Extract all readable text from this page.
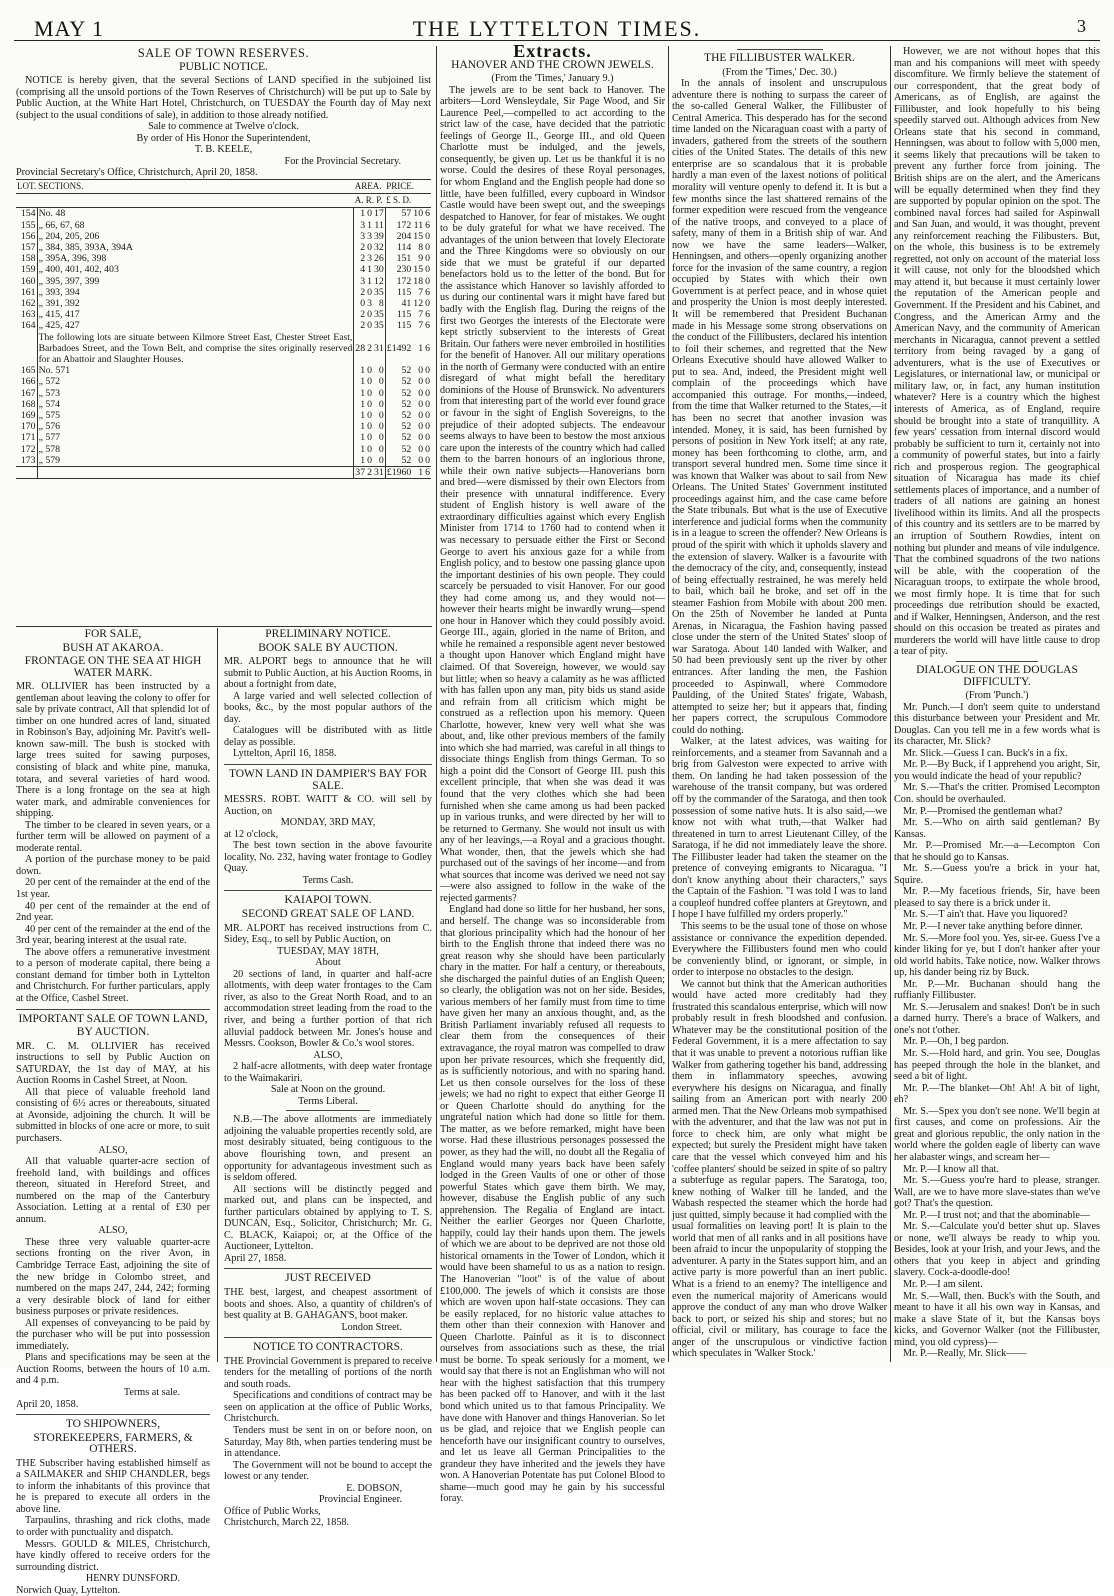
MAY 1	THE LYTTELTON TIMES.	3
SALE OF TOWN RESERVES.
PUBLIC NOTICE.

NOTICE is hereby given, that the several Sections of LAND specified in the subjoined list (comprising all the unsold portions of the Town Reserves of Christchurch) will be put up to Sale by Public Auction, at the White Hart Hotel, Christchurch, on TUESDAY the Fourth day of May next (subject to the usual conditions of sale), in addition to those already notified.

Sale to commence at Twelve o'clock.
By order of His Honor the Superintendent,
T. B. KEELE,
For the Provincial Secretary.
Provincial Secretary's Office, Christchurch, April 20, 1858.
LOT.	SECTIONS.	AREA.			PRICE.		
		A. R. P.			£ S. D.		
154	No. 48	1	0	17	57	10	6
155	„ 66, 67, 68	3	1	11	172	11	6
156	„ 204, 205, 206	3	3	39	204	15	0
157	„ 384, 385, 393A, 394A	2	0	32	114	8	0
158	„ 395A, 396, 398	2	3	26	151	9	0
159	„ 400, 401, 402, 403	4	1	30	230	15	0
160	„ 395, 397, 399	3	1	12	172	18	0
161	„ 393, 394	2	0	35	115	7	6
162	„ 391, 392	0	3	8	41	12	0
163	„ 415, 417	2	0	35	115	7	6
164	„ 425, 427	2	0	35	115	7	6
	The following lots are situate between Kilmore Street East, Chester Street East, Barbadoes Street, and the Town Belt, and comprise the sites originally reserved for an Abattoir and Slaughter Houses.	28	2	31	£1492	1	6
165	No. 571	1	0	0	52	0	0
166	„ 572	1	0	0	52	0	0
167	„ 573	1	0	0	52	0	0
168	„ 574	1	0	0	52	0	0
169	„ 575	1	0	0	52	0	0
170	„ 576	1	0	0	52	0	0
171	„ 577	1	0	0	52	0	0
172	„ 578	1	0	0	52	0	0
173	„ 579	1	0	0	52	0	0
		37	2	31	£1960	1	6
FOR SALE,
BUSH AT AKAROA.
FRONTAGE ON THE SEA AT HIGH WATER MARK.

MR. OLLIVIER has been instructed by a gentleman about leaving the colony to offer for sale by private contract, All that splendid lot of timber on one hundred acres of land, situated in Robinson's Bay, adjoining Mr. Pavitt's well-known saw-mill. The bush is stocked with large trees suited for sawing purposes, consisting of black and white pine, manuka, totara, and several varieties of hard wood. There is a long frontage on the sea at high water mark, and admirable conveniences for shipping.

The timber to be cleared in seven years, or a further term will be allowed on payment of a moderate rental.

A portion of the purchase money to be paid down.

20 per cent of the remainder at the end of the 1st year.

40 per cent of the remainder at the end of 2nd year.

40 per cent of the remainder at the end of the 3rd year, bearing interest at the usual rate.

The above offers a remunerative investment to a person of moderate capital, there being a constant demand for timber both in Lyttelton and Christchurch. For further particulars, apply at the Office, Cashel Street.

IMPORTANT SALE OF TOWN LAND,
BY AUCTION.

MR. C. M. OLLIVIER has received instructions to sell by Public Auction on SATURDAY, the 1st day of MAY, at his Auction Rooms in Cashel Street, at Noon.

All that piece of valuable freehold land consisting of 6½ acres or thereabouts, situated at Avonside, adjoining the church. It will be submitted in blocks of one acre or more, to suit purchasers.

ALSO,

All that valuable quarter-acre section of freehold land, with buildings and offices thereon, situated in Hereford Street, and numbered on the map of the Canterbury Association. Letting at a rental of £30 per annum.

ALSO,

These three very valuable quarter-acre sections fronting on the river Avon, in Cambridge Terrace East, adjoining the site of the new bridge in Colombo street, and numbered on the maps 247, 244, 242; forming a very desirable block of land for either business purposes or private residences.

All expenses of conveyancing to be paid by the purchaser who will be put into possession immediately.

Plans and specifications may be seen at the Auction Rooms, between the hours of 10 a.m. and 4 p.m.

Terms at sale.
April 20, 1858.
TO SHIPOWNERS,
STOREKEEPERS, FARMERS, & OTHERS.

THE Subscriber having established himself as a SAILMAKER and SHIP CHANDLER, begs to inform the inhabitants of this province that he is prepared to execute all orders in the above line.

Tarpaulins, thrashing and rick cloths, made to order with punctuality and dispatch.

Messrs. GOULD & MILES, Christchurch, have kindly offered to receive orders for the surrounding district.

HENRY DUNSFORD.
Norwich Quay, Lyttelton.
PRELIMINARY NOTICE.
BOOK SALE BY AUCTION.

MR. ALPORT begs to announce that he will submit to Public Auction, at his Auction Rooms, in about a fortnight from date,

A large varied and well selected collection of books, &c., by the most popular authors of the day.

Catalogues will be distributed with as little delay as possible.

Lyttelton, April 16, 1858.

TOWN LAND IN DAMPIER'S BAY FOR SALE.

MESSRS. ROBT. WAITT & CO. will sell by Auction, on

MONDAY, 3RD MAY,
at 12 o'clock,

The best town section in the above favourite locality, No. 232, having water frontage to Godley Quay.

Terms Cash.
KAIAPOI TOWN.
SECOND GREAT SALE OF LAND.

MR. ALPORT has received instructions from C. Sidey, Esq., to sell by Public Auction, on

TUESDAY, MAY 18TH,
About

20 sections of land, in quarter and half-acre allotments, with deep water frontages to the Cam river, as also to the Great North Road, and to an accommodation street leading from the road to the river, and being a further portion of that rich alluvial paddock between Mr. Jones's house and Messrs. Cookson, Bowler & Co.'s wool stores.

ALSO,

2 half-acre allotments, with deep water frontage to the Waimakariri.

Sale at Noon on the ground.
Terms Liberal.

N.B.—The above allotments are immediately adjoining the valuable properties recently sold, are most desirably situated, being contiguous to the above flourishing town, and present an opportunity for advantageous investment such as is seldom offered.

All sections will be distinctly pegged and marked out, and plans can be inspected, and further particulars obtained by applying to T. S. DUNCAN, Esq., Solicitor, Christchurch; Mr. G. C. BLACK, Kaiapoi; or, at the Office of the Auctioneer, Lyttelton.

April 27, 1858.
JUST RECEIVED

THE best, largest, and cheapest assortment of boots and shoes. Also, a quantity of children's of best quality at B. GAHAGAN'S, boot maker.

London Street.
NOTICE TO CONTRACTORS.

THE Provincial Government is prepared to receive tenders for the metalling of portions of the north and south roads.

Specifications and conditions of contract may be seen on application at the office of Public Works, Christchurch.

Tenders must be sent in on or before noon, on Saturday, May 8th, when parties tendering must be in attendance.

The Government will not be bound to accept the lowest or any tender.

E. DOBSON,
Provincial Engineer.
Office of Public Works,
Christchurch, March 22, 1858.
Extracts.
HANOVER AND THE CROWN JEWELS.
(From the 'Times,' January 9.)

The jewels are to be sent back to Hanover. The arbiters—Lord Wensleydale, Sir Page Wood, and Sir Laurence Peel,—compelled to act according to the strict law of the case, have decided that the patriotic feelings of George II., George III., and old Queen Charlotte must be indulged, and the jewels, consequently, be given up. Let us be thankful it is no worse. Could the desires of these Royal personages, for whom England and the English people had done so little, have been fulfilled, every cupboard in Windsor Castle would have been swept out, and the sweepings despatched to Hanover, for fear of mistakes. We ought to be duly grateful for what we have received. The advantages of the union between that lovely Electorate and the Three Kingdoms were so obviously on our side that we must be grateful if our departed benefactors hold us to the letter of the bond. But for the assistance which Hanover so lavishly afforded to us during our continental wars it might have fared but badly with the English flag. During the reigns of the first two Georges the interests of the Electorate were kept strictly subservient to the interests of Great Britain. Our fathers were never embroiled in hostilities for the benefit of Hanover. All our military operations in the north of Germany were conducted with an entire disregard of what might befall the hereditary dominions of the House of Brunswick. No adventurers from that interesting part of the world ever found grace or favour in the sight of English Sovereigns, to the prejudice of their adopted subjects. The endeavour seems always to have been to bestow the most anxious care upon the interests of the country which had called them to the barren honours of an inglorious throne, while their own native subjects—Hanoverians born and bred—were dismissed by their own Electors from their presence with unnatural indifference. Every student of English history is well aware of the extraordinary difficulties against which every English Minister from 1714 to 1760 had to contend when it was necessary to persuade either the First or Second George to avert his anxious gaze for a while from English policy, and to bestow one passing glance upon the important destinies of his own people. They could scarcely be persuaded to visit Hanover. For our good they had come among us, and they would not—however their hearts might be inwardly wrung—spend one hour in Hanover which they could possibly avoid. George III., again, gloried in the name of Briton, and while he remained a responsible agent never bestowed a thought upon Hanover which England might have claimed. Of that Sovereign, however, we would say but little; when so heavy a calamity as he was afflicted with has fallen upon any man, pity bids us stand aside and refrain from all criticism which might be construed as a reflection upon his memory. Queen Charlotte, however, knew very well what she was about, and, like other previous members of the family into which she had married, was careful in all things to dissociate things English from things German. To so high a point did the Consort of George III. push this excellent principle, that when she was dead it was found that the very clothes which she had been furnished when she came among us had been packed up in various trunks, and were directed by her will to be returned to Germany. She would not insult us with any of her leavings,—a Royal and a gracious thought. What wonder, then, that the jewels which she had purchased out of the savings of her income—and from what sources that income was derived we need not say—were also assigned to follow in the wake of the rejected garments?

England had done so little for her husband, her sons, and herself. The change was so inconsiderable from that glorious principality which had the honour of her birth to the English throne that indeed there was no great reason why she should have been particularly chary in the matter. For half a century, or thereabouts, she discharged the painful duties of an English Queen; so clearly, the obligation was not on her side. Besides, various members of her family must from time to time have given her many an anxious thought, and, as the British Parliament invariably refused all requests to clear them from the consequences of their extravagance, the royal matron was compelled to draw upon her private resources, which she frequently did, as is sufficiently notorious, and with no sparing hand. Let us then console ourselves for the loss of these jewels; we had no right to expect that either George II or Queen Charlotte should do anything for the ungrateful nation which had done so little for them. The matter, as we before remarked, might have been worse. Had these illustrious personages possessed the power, as they had the will, no doubt all the Regalia of England would many years back have been safely lodged in the Green Vaults of one or other of those powerful States which gave them birth. We may, however, disabuse the English public of any such apprehension. The Regalia of England are intact. Neither the earlier Georges nor Queen Charlotte, happily, could lay their hands upon them. The jewels of which we are about to be deprived are not those old historical ornaments in the Tower of London, which it would have been shameful to us as a nation to resign. The Hanoverian "loot" is of the value of about £100,000. The jewels of which it consists are those which are woven upon half-state occasions. They can be easily replaced, for no historic value attaches to them other than their connexion with Hanover and Queen Charlotte. Painful as it is to disconnect ourselves from associations such as these, the trial must be borne. To speak seriously for a moment, we would say that there is not an Englishman who will not hear with the highest satisfaction that this trumpery has been packed off to Hanover, and with it the last bond which united us to that famous Principality. We have done with Hanover and things Hanoverian. So let us be glad, and rejoice that we English people can henceforth have our insignificant country to ourselves, and let us leave all German Principalities to the grandeur they have inherited and the jewels they have won. A Hanoverian Potentate has put Colonel Blood to shame—much good may he gain by his successful foray.

THE FILLIBUSTER WALKER.
(From the 'Times,' Dec. 30.)

In the annals of insolent and unscrupulous adventure there is nothing to surpass the career of the so-called General Walker, the Fillibuster of Central America. This desperado has for the second time landed on the Nicaraguan coast with a party of invaders, gathered from the streets of the southern cities of the United States. The details of this new enterprise are so scandalous that it is probable hardly a man even of the laxest notions of political morality will venture openly to defend it. It is but a few months since the last shattered remains of the former expedition were rescued from the vengeance of the native troops, and conveyed to a place of safety, many of them in a British ship of war. And now we have the same leaders—Walker, Henningsen, and others—openly organizing another force for the invasion of the same country, a region occupied by States with which their own Government is at perfect peace, and in whose quiet and prosperity the Union is most deeply interested. It will be remembered that President Buchanan made in his Message some strong observations on the conduct of the Fillibusters, declared his intention to foil their schemes, and regretted that the New Orleans Executive should have allowed Walker to put to sea. And, indeed, the President might well complain of the proceedings which have accompanied this outrage. For months,—indeed, from the time that Walker returned to the States,—it has been no secret that another invasion was intended. Money, it is said, has been furnished by persons of position in New York itself; at any rate, money has been forthcoming to clothe, arm, and transport several hundred men. Some time since it was known that Walker was about to sail from New Orleans. The United States' Government instituted proceedings against him, and the case came before the State tribunals. But what is the use of Executive interference and judicial forms when the community is in a league to screen the offender? New Orleans is proud of the spirit with which it upholds slavery and the extension of slavery. Walker is a favourite with the democracy of the city, and, consequently, instead of being effectually restrained, he was merely held to bail, which bail he broke, and set off in the steamer Fashion from Mobile with about 200 men. On the 25th of November he landed at Punta Arenas, in Nicaragua, the Fashion having passed close under the stern of the United States' sloop of war Saratoga. About 140 landed with Walker, and 50 had been previously sent up the river by other entrances. After landing the men, the Fashion proceeded to Aspinwall, where Commodore Paulding, of the United States' frigate, Wabash, attempted to seize her; but it appears that, finding her papers correct, the scrupulous Commodore could do nothing.

Walker, at the latest advices, was waiting for reinforcements, and a steamer from Savannah and a brig from Galveston were expected to arrive with them. On landing he had taken possession of the warehouse of the transit company, but was ordered off by the commander of the Saratoga, and then took possession of some native huts. It is also said,—we know not with what truth,—that Walker had threatened in turn to arrest Lieutenant Cilley, of the Saratoga, if he did not immediately leave the shore. The Fillibuster leader had taken the steamer on the pretence of conveying emigrants to Nicaragua. "I don't know anything about their characters," says the Captain of the Fashion. "I was told I was to land a coupleof hundred coffee planters at Greytown, and I hope I have fulfilled my orders properly."

This seems to be the usual tone of those on whose assistance or connivance the expedition depended. Everywhere the Fillibusters found men who could be conveniently blind, or ignorant, or simple, in order to interpose no obstacles to the design.

We cannot but think that the American authorities would have acted more creditably had they frustrated this scandalous enterprise, which will now probably result in fresh bloodshed and confusion. Whatever may be the constitutional position of the Federal Government, it is a mere affectation to say that it was unable to prevent a notorious ruffian like Walker from gathering together his band, addressing them in inflammatory speeches, avowing everywhere his designs on Nicaragua, and finally sailing from an American port with nearly 200 armed men. That the New Orleans mob sympathised with the adventurer, and that the law was not put in force to check him, are only what might be expected; but surely the President might have taken care that the vessel which conveyed him and his 'coffee planters' should be seized in spite of so paltry a subterfuge as regular papers. The Saratoga, too, knew nothing of Walker till he landed, and the Wabash respected the steamer which the horde had just quitted, simply because it had complied with the usual formalities on leaving port! It is plain to the world that men of all ranks and in all positions have been afraid to incur the unpopularity of stopping the adventurer. A party in the States support him, and an active party is more powerful than an inert public. What is a friend to an enemy? The intelligence and even the numerical majority of Americans would approve the conduct of any man who drove Walker back to port, or seized his ship and stores; but no official, civil or military, has courage to face the anger of the unscrupulous or vindictive faction which speculates in 'Walker Stock.'

However, we are not without hopes that this man and his companions will meet with speedy discomfiture. We firmly believe the statement of our correspondent, that the great body of Americans, as of English, are against the Fillibuster, and look hopefully to his being speedily starved out. Although advices from New Orleans state that his second in command, Henningsen, was about to follow with 5,000 men, it seems likely that precautions will be taken to prevent any further force from joining. The British ships are on the alert, and the Americans will be equally determined when they find they are supported by popular opinion on the spot. The combined naval forces had sailed for Aspinwall and San Juan, and would, it was thought, prevent any reinforcement reaching the Filibusters. But, on the whole, this business is to be extremely regretted, not only on account of the material loss it will cause, not only for the bloodshed which may attend it, but because it must certainly lower the reputation of the American people and Government. If the President and his Cabinet, and Congress, and the American Army and the American Navy, and the community of American merchants in Nicaragua, cannot prevent a settled territory from being ravaged by a gang of adventurers, what is the use of Executives or Legislatures, or international law, or municipal or military law, or, in fact, any human institution whatever? Here is a country which the highest interests of America, as of England, require should be brought into a state of tranquillity. A few years' cessation from internal discord would probably be sufficient to turn it, certainly not into a community of powerful states, but into a fairly rich and prosperous region. The geographical situation of Nicaragua has made its chief settlements places of importance, and a number of traders of all nations are gaining an honest livelihood within its limits. And all the prospects of this country and its settlers are to be marred by an irruption of Southern Rowdies, intent on nothing but plunder and means of vile indulgence. That the combined squadrons of the two nations will be able, with the cooperation of the Nicaraguan troops, to extirpate the whole brood, we most firmly hope. It is time that for such proceedings due retribution should be exacted, and if Walker, Henningsen, Anderson, and the rest should on this occasion be treated as pirates and murderers the world will have little cause to drop a tear of pity.

DIALOGUE ON THE DOUGLAS DIFFICULTY.
(From 'Punch.')

Mr. Punch.—I don't seem quite to understand this disturbance between your President and Mr. Douglas. Can you tell me in a few words what is its character, Mr. Slick?

Mr. Slick.—Guess I can. Buck's in a fix.

Mr. P.—By Buck, if I apprehend you aright, Sir, you would indicate the head of your republic?

Mr. S.—That's the critter. Promised Lecompton Con. should be overhauled.

Mr. P.—Promised the gentleman what?

Mr. S.—Who on airth said gentleman? By Kansas.

Mr. P.—Promised Mr.—a—Lecompton Con that he should go to Kansas.

Mr. S.—Guess you're a brick in your hat, Squire.

Mr. P.—My facetious friends, Sir, have been pleased to say there is a brick under it.

Mr. S.—T ain't that. Have you liquored?

Mr. P.—I never take anything before dinner.

Mr. S.—More fool you. Yes, sir-ee. Guess I've a kinder liking for ye, but I don't hanker after your old world habits. Take notice, now. Walker throws up, his dander being riz by Buck.

Mr. P.—Mr. Buchanan should hang the ruffianly Fillibuster.

Mr. S.—Jerusalem and snakes! Don't be in such a darned hurry. There's a brace of Walkers, and one's not t'other.

Mr. P.—Oh, I beg pardon.

Mr. S.—Hold hard, and grin. You see, Douglas has peeped through the hole in the blanket, and seed a bit of light.

Mr. P.—The blanket—Oh! Ah! A bit of light, eh?

Mr. S.—Spex you don't see none. We'll begin at first causes, and come on professions. Air the great and glorious republic, the only nation in the world where the golden eagle of liberty can wave her alabaster wings, and scream her—

Mr. P.—I know all that.

Mr. S.—Guess you're hard to please, stranger. Wall, are we to have more slave-states than we've got? That's the question.

Mr. P.—I trust not; and that the abominable—

Mr. S.—Calculate you'd better shut up. Slaves or none, we'll always be ready to whip you. Besides, look at your Irish, and your Jews, and the others that you keep in abject and grinding slavery. Cock-a-doodle-doo!

Mr. P.—I am silent.

Mr. S.—Wall, then. Buck's with the South, and meant to have it all his own way in Kansas, and make a slave State of it, but the Kansas boys kicks, and Governor Walker (not the Fillibuster, mind, you old cypress)—

Mr. P.—Really, Mr. Slick——
